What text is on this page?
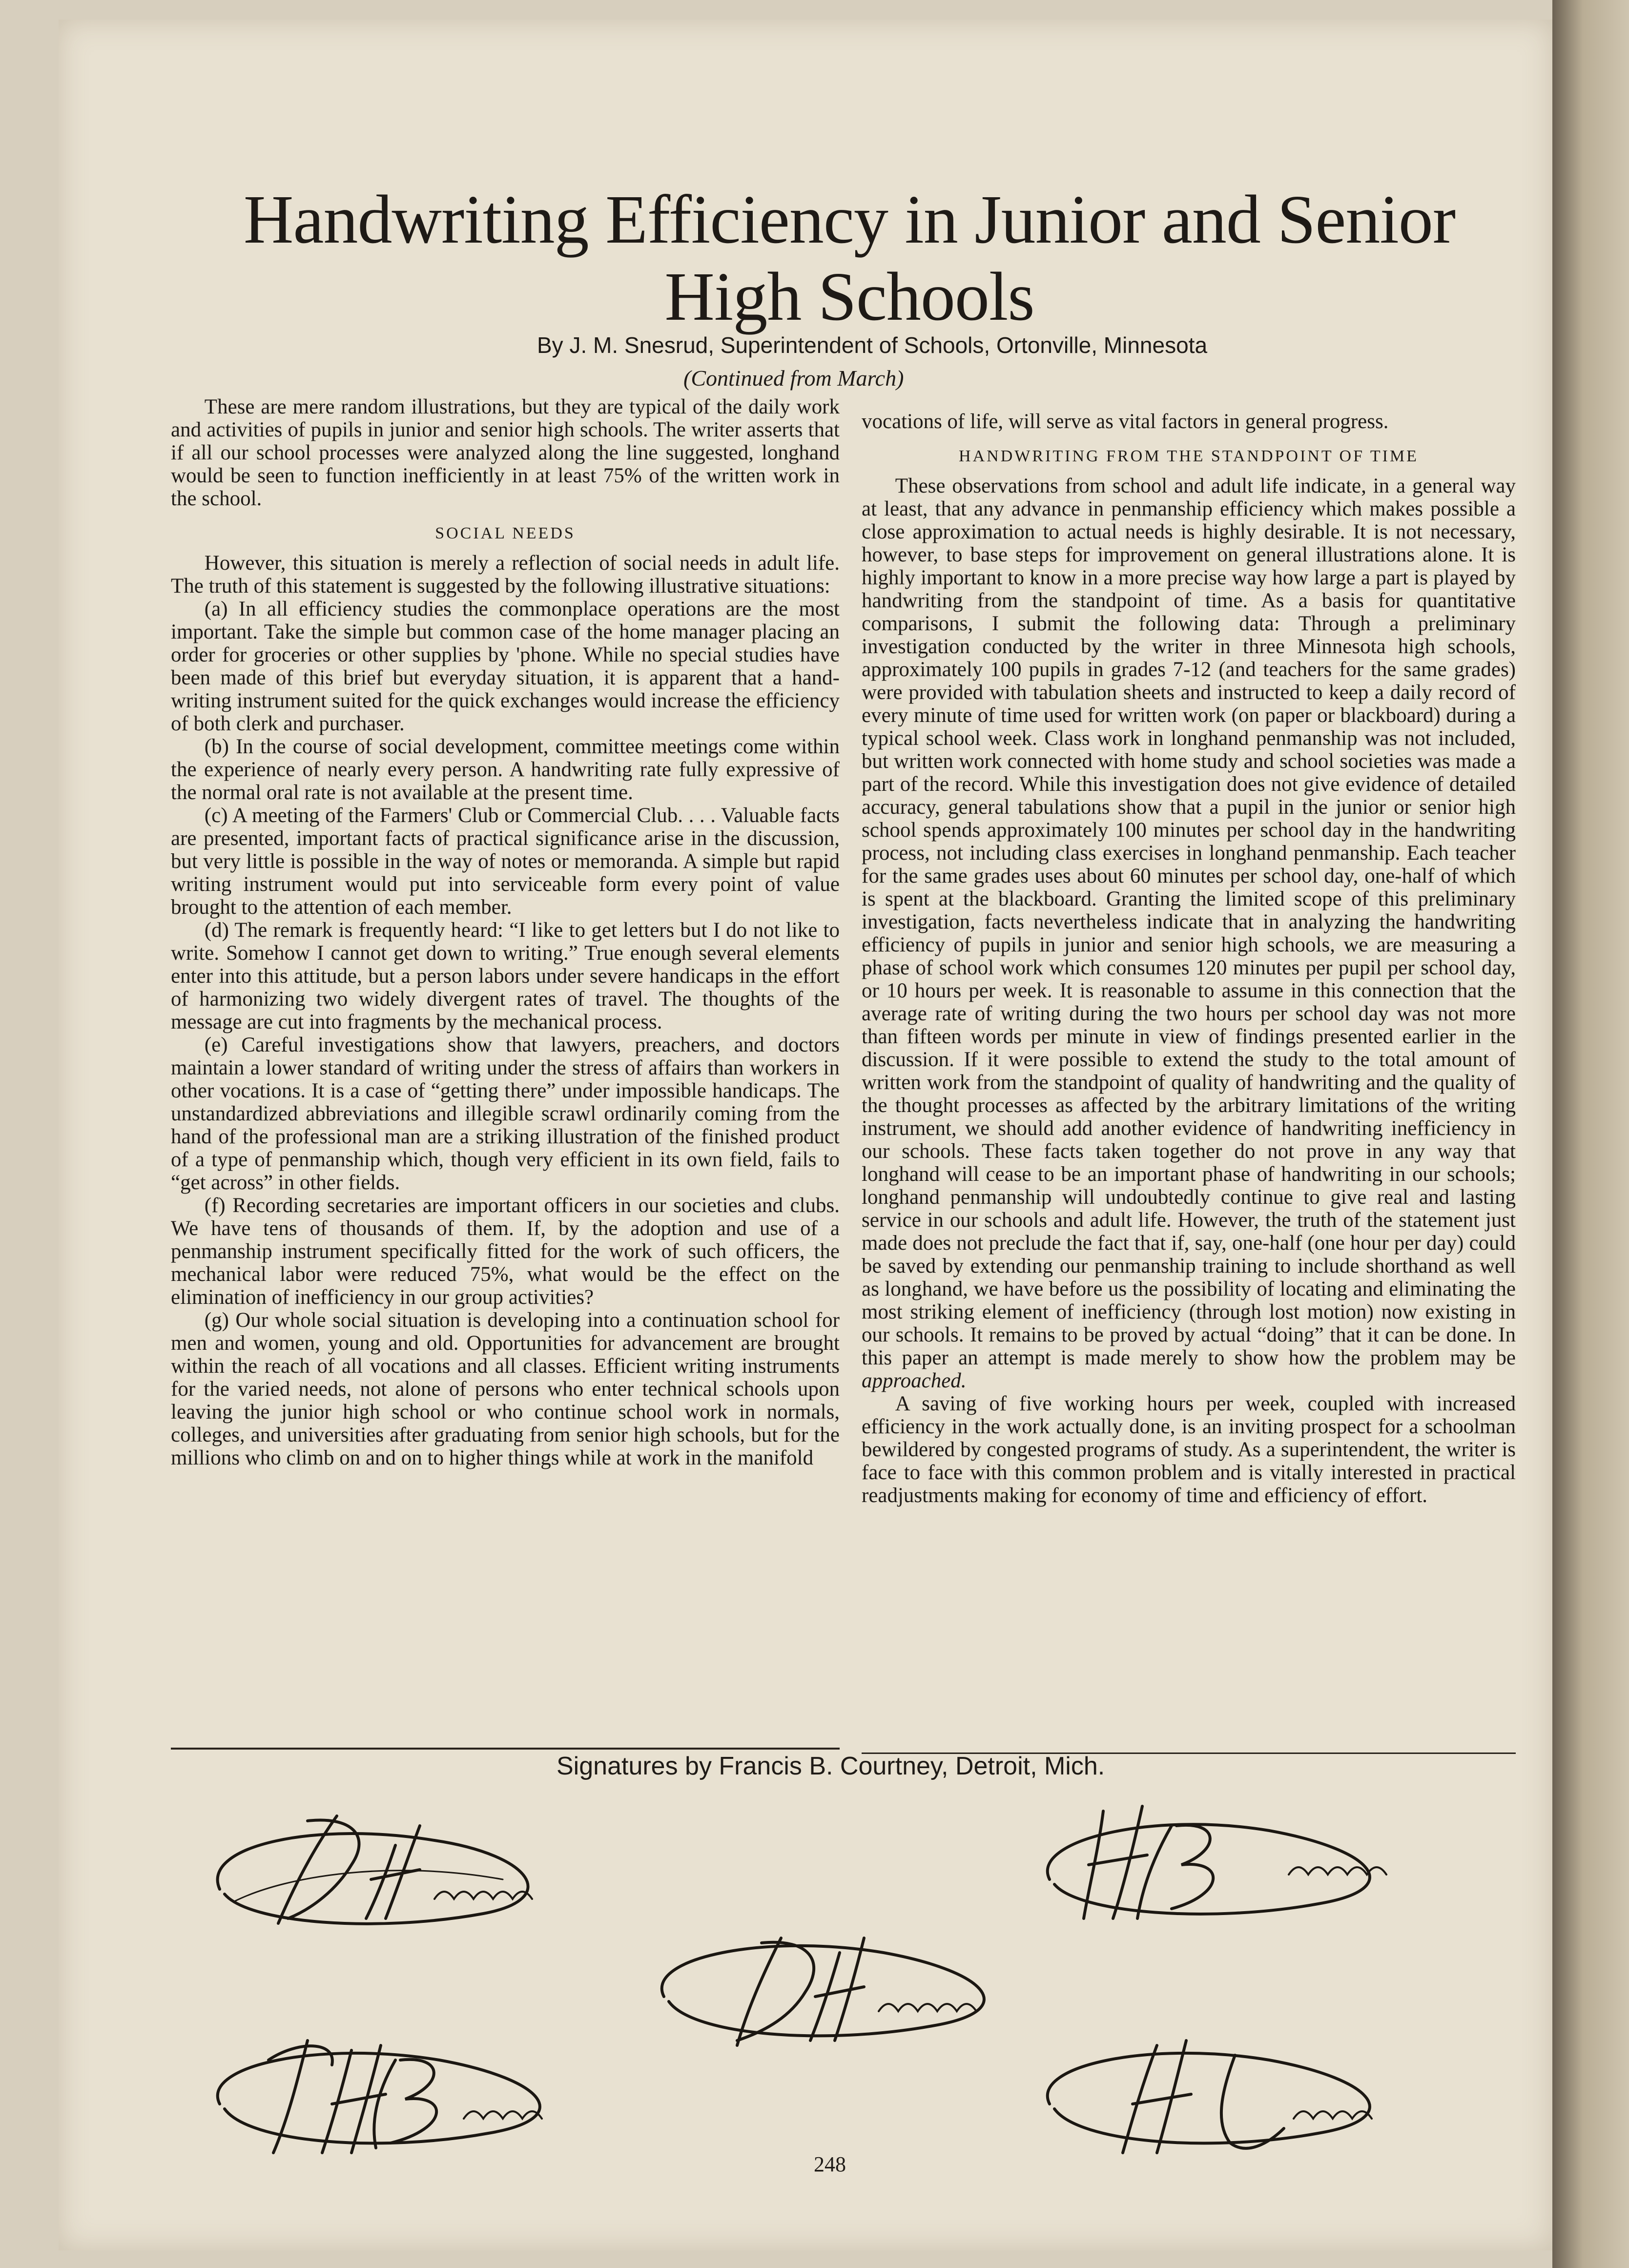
Handwriting Efficiency in Junior and Senior High Schools
By J. M. Snesrud, Superintendent of Schools, Ortonville, Minnesota
(Continued from March)

These are mere random illustrations, but they are typical of the daily work and activities of pupils in junior and senior high schools. The writer asserts that if all our school processes were analyzed along the line suggested, longhand would be seen to function inefficiently in at least 75% of the written work in the school.

SOCIAL NEEDS

However, this situation is merely a reflection of social needs in adult life. The truth of this statement is suggested by the following illustrative situations:

(a) In all efficiency studies the commonplace operations are the most important. Take the simple but common case of the home manager placing an order for groceries or other supplies by 'phone. While no special studies have been made of this brief but everyday situation, it is apparent that a hand-writing instrument suited for the quick exchanges would increase the efficiency of both clerk and purchaser.

(b) In the course of social development, committee meetings come within the experience of nearly every person. A handwriting rate fully expressive of the normal oral rate is not available at the present time.

(c) A meeting of the Farmers' Club or Commercial Club. . . . Valuable facts are presented, important facts of practical significance arise in the discussion, but very little is possible in the way of notes or memoranda. A simple but rapid writing instrument would put into serviceable form every point of value brought to the attention of each member.

(d) The remark is frequently heard: “I like to get letters but I do not like to write. Somehow I cannot get down to writing.” True enough several elements enter into this attitude, but a person labors under severe handicaps in the effort of harmonizing two widely divergent rates of travel. The thoughts of the message are cut into fragments by the mechanical process.

(e) Careful investigations show that lawyers, preachers, and doctors maintain a lower standard of writing under the stress of affairs than workers in other vocations. It is a case of “getting there” under impossible handicaps. The unstandardized abbreviations and illegible scrawl ordinarily coming from the hand of the professional man are a striking illustration of the finished product of a type of penmanship which, though very efficient in its own field, fails to “get across” in other fields.

(f) Recording secretaries are important officers in our societies and clubs. We have tens of thousands of them. If, by the adoption and use of a penmanship instrument specifically fitted for the work of such officers, the mechanical labor were reduced 75%, what would be the effect on the elimination of inefficiency in our group activities?

(g) Our whole social situation is developing into a continuation school for men and women, young and old. Opportunities for advancement are brought within the reach of all vocations and all classes. Efficient writing instruments for the varied needs, not alone of persons who enter technical schools upon leaving the junior high school or who continue school work in normals, colleges, and universities after graduating from senior high schools, but for the millions who climb on and on to higher things while at work in the manifold

vocations of life, will serve as vital factors in general progress.

HANDWRITING FROM THE STANDPOINT OF TIME

These observations from school and adult life indicate, in a general way at least, that any advance in penmanship efficiency which makes possible a close approximation to actual needs is highly desirable. It is not necessary, however, to base steps for improvement on general illustrations alone. It is highly important to know in a more precise way how large a part is played by handwriting from the standpoint of time. As a basis for quantitative comparisons, I submit the following data: Through a preliminary investigation conducted by the writer in three Minnesota high schools, approximately 100 pupils in grades 7-12 (and teachers for the same grades) were provided with tabulation sheets and instructed to keep a daily record of every minute of time used for written work (on paper or blackboard) during a typical school week. Class work in longhand penmanship was not included, but written work connected with home study and school societies was made a part of the record. While this investigation does not give evidence of detailed accuracy, general tabulations show that a pupil in the junior or senior high school spends approximately 100 minutes per school day in the handwriting process, not including class exercises in longhand penmanship. Each teacher for the same grades uses about 60 minutes per school day, one-half of which is spent at the blackboard. Granting the limited scope of this preliminary investigation, facts nevertheless indicate that in analyzing the handwriting efficiency of pupils in junior and senior high schools, we are measuring a phase of school work which consumes 120 minutes per pupil per school day, or 10 hours per week. It is reasonable to assume in this connection that the average rate of writing during the two hours per school day was not more than fifteen words per minute in view of findings presented earlier in the discussion. If it were possible to extend the study to the total amount of written work from the standpoint of quality of handwriting and the quality of the thought processes as affected by the arbitrary limitations of the writing instrument, we should add another evidence of handwriting inefficiency in our schools. These facts taken together do not prove in any way that longhand will cease to be an important phase of handwriting in our schools; longhand penmanship will undoubtedly continue to give real and lasting service in our schools and adult life. However, the truth of the statement just made does not preclude the fact that if, say, one-half (one hour per day) could be saved by extending our penmanship training to include shorthand as well as longhand, we have before us the possibility of locating and eliminating the most striking element of inefficiency (through lost motion) now existing in our schools. It remains to be proved by actual “doing” that it can be done. In this paper an attempt is made merely to show how the problem may be approached.

A saving of five working hours per week, coupled with increased efficiency in the work actually done, is an inviting prospect for a schoolman bewildered by congested programs of study. As a superintendent, the writer is face to face with this common problem and is vitally interested in practical readjustments making for economy of time and efficiency of effort.

Signatures by Francis B. Courtney, Detroit, Mich.
248
